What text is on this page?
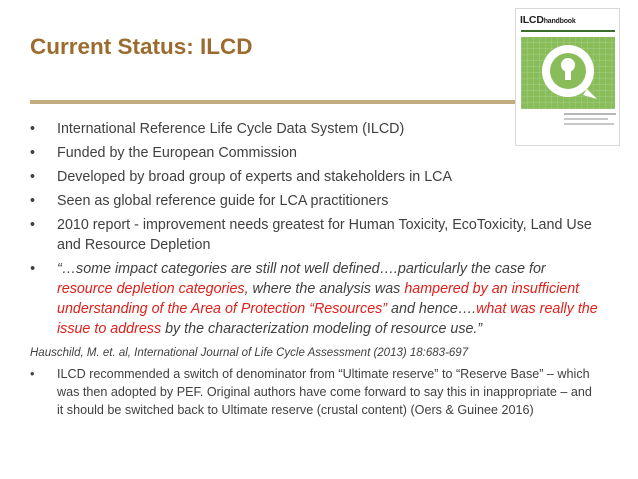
Current Status: ILCD
ILCDhandbook
• International Reference Life Cycle Data System (ILCD)
• Funded by the European Commission
• Developed by broad group of experts and stakeholders in LCA
• Seen as global reference guide for LCA practitioners
• 2010 report - improvement needs greatest for Human Toxicity, EcoToxicity, Land Use and Resource Depletion
• “…some impact categories are still not well defined….particularly the case for resource depletion categories, where the analysis was hampered by an insufficient understanding of the Area of Protection “Resources” and hence….what was really the issue to address by the characterization modeling of resource use.”
Hauschild, M. et. al, International Journal of Life Cycle Assessment (2013) 18:683-697
• ILCD recommended a switch of denominator from “Ultimate reserve” to “Reserve Base” – which was then adopted by PEF. Original authors have come forward to say this in inappropriate – and it should be switched back to Ultimate reserve (crustal content) (Oers & Guinee 2016)
